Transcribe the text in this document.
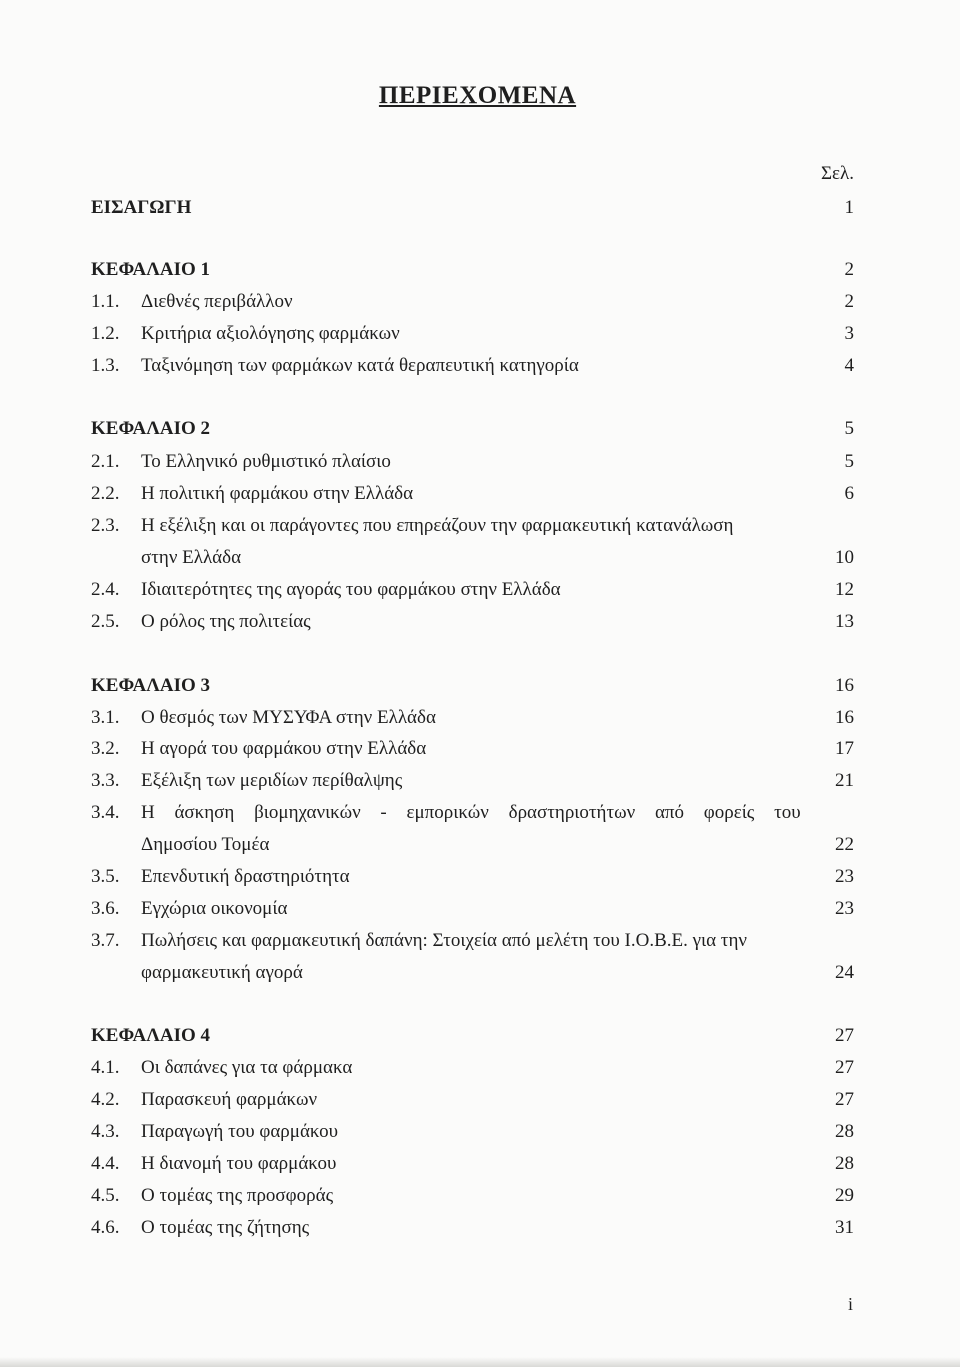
ΠΕΡΙΕΧΟΜΕΝΑ
Σελ.
ΕΙΣΑΓΩΓΗ	1
ΚΕΦΑΛΑΙΟ 1	2
1.1. Διεθνές περιβάλλον	2
1.2. Κριτήρια αξιολόγησης φαρμάκων	3
1.3. Ταξινόμηση των φαρμάκων κατά θεραπευτική κατηγορία	4
ΚΕΦΑΛΑΙΟ 2	5
2.1. Το Ελληνικό ρυθμιστικό πλαίσιο	5
2.2. Η πολιτική φαρμάκου στην Ελλάδα	6
2.3. Η εξέλιξη και οι παράγοντες που επηρεάζουν την φαρμακευτική κατανάλωση
στην Ελλάδα	10
2.4. Ιδιαιτερότητες της αγοράς του φαρμάκου στην Ελλάδα	12
2.5. Ο ρόλος της πολιτείας	13
ΚΕΦΑΛΑΙΟ 3	16
3.1. Ο θεσμός των ΜΥΣΥΦΑ στην Ελλάδα	16
3.2. Η αγορά του φαρμάκου στην Ελλάδα	17
3.3. Εξέλιξη των μεριδίων περίθαλψης	21
3.4. Η άσκηση βιομηχανικών - εμπορικών δραστηριοτήτων από φορείς του
Δημοσίου Τομέα	22
3.5. Επενδυτική δραστηριότητα	23
3.6. Εγχώρια οικονομία	23
3.7. Πωλήσεις και φαρμακευτική δαπάνη: Στοιχεία από μελέτη του Ι.Ο.Β.Ε. για την
φαρμακευτική αγορά	24
ΚΕΦΑΛΑΙΟ 4	27
4.1. Οι δαπάνες για τα φάρμακα	27
4.2. Παρασκευή φαρμάκων	27
4.3. Παραγωγή του φαρμάκου	28
4.4. Η διανομή του φαρμάκου	28
4.5. Ο τομέας της προσφοράς	29
4.6. Ο τομέας της ζήτησης	31
i
